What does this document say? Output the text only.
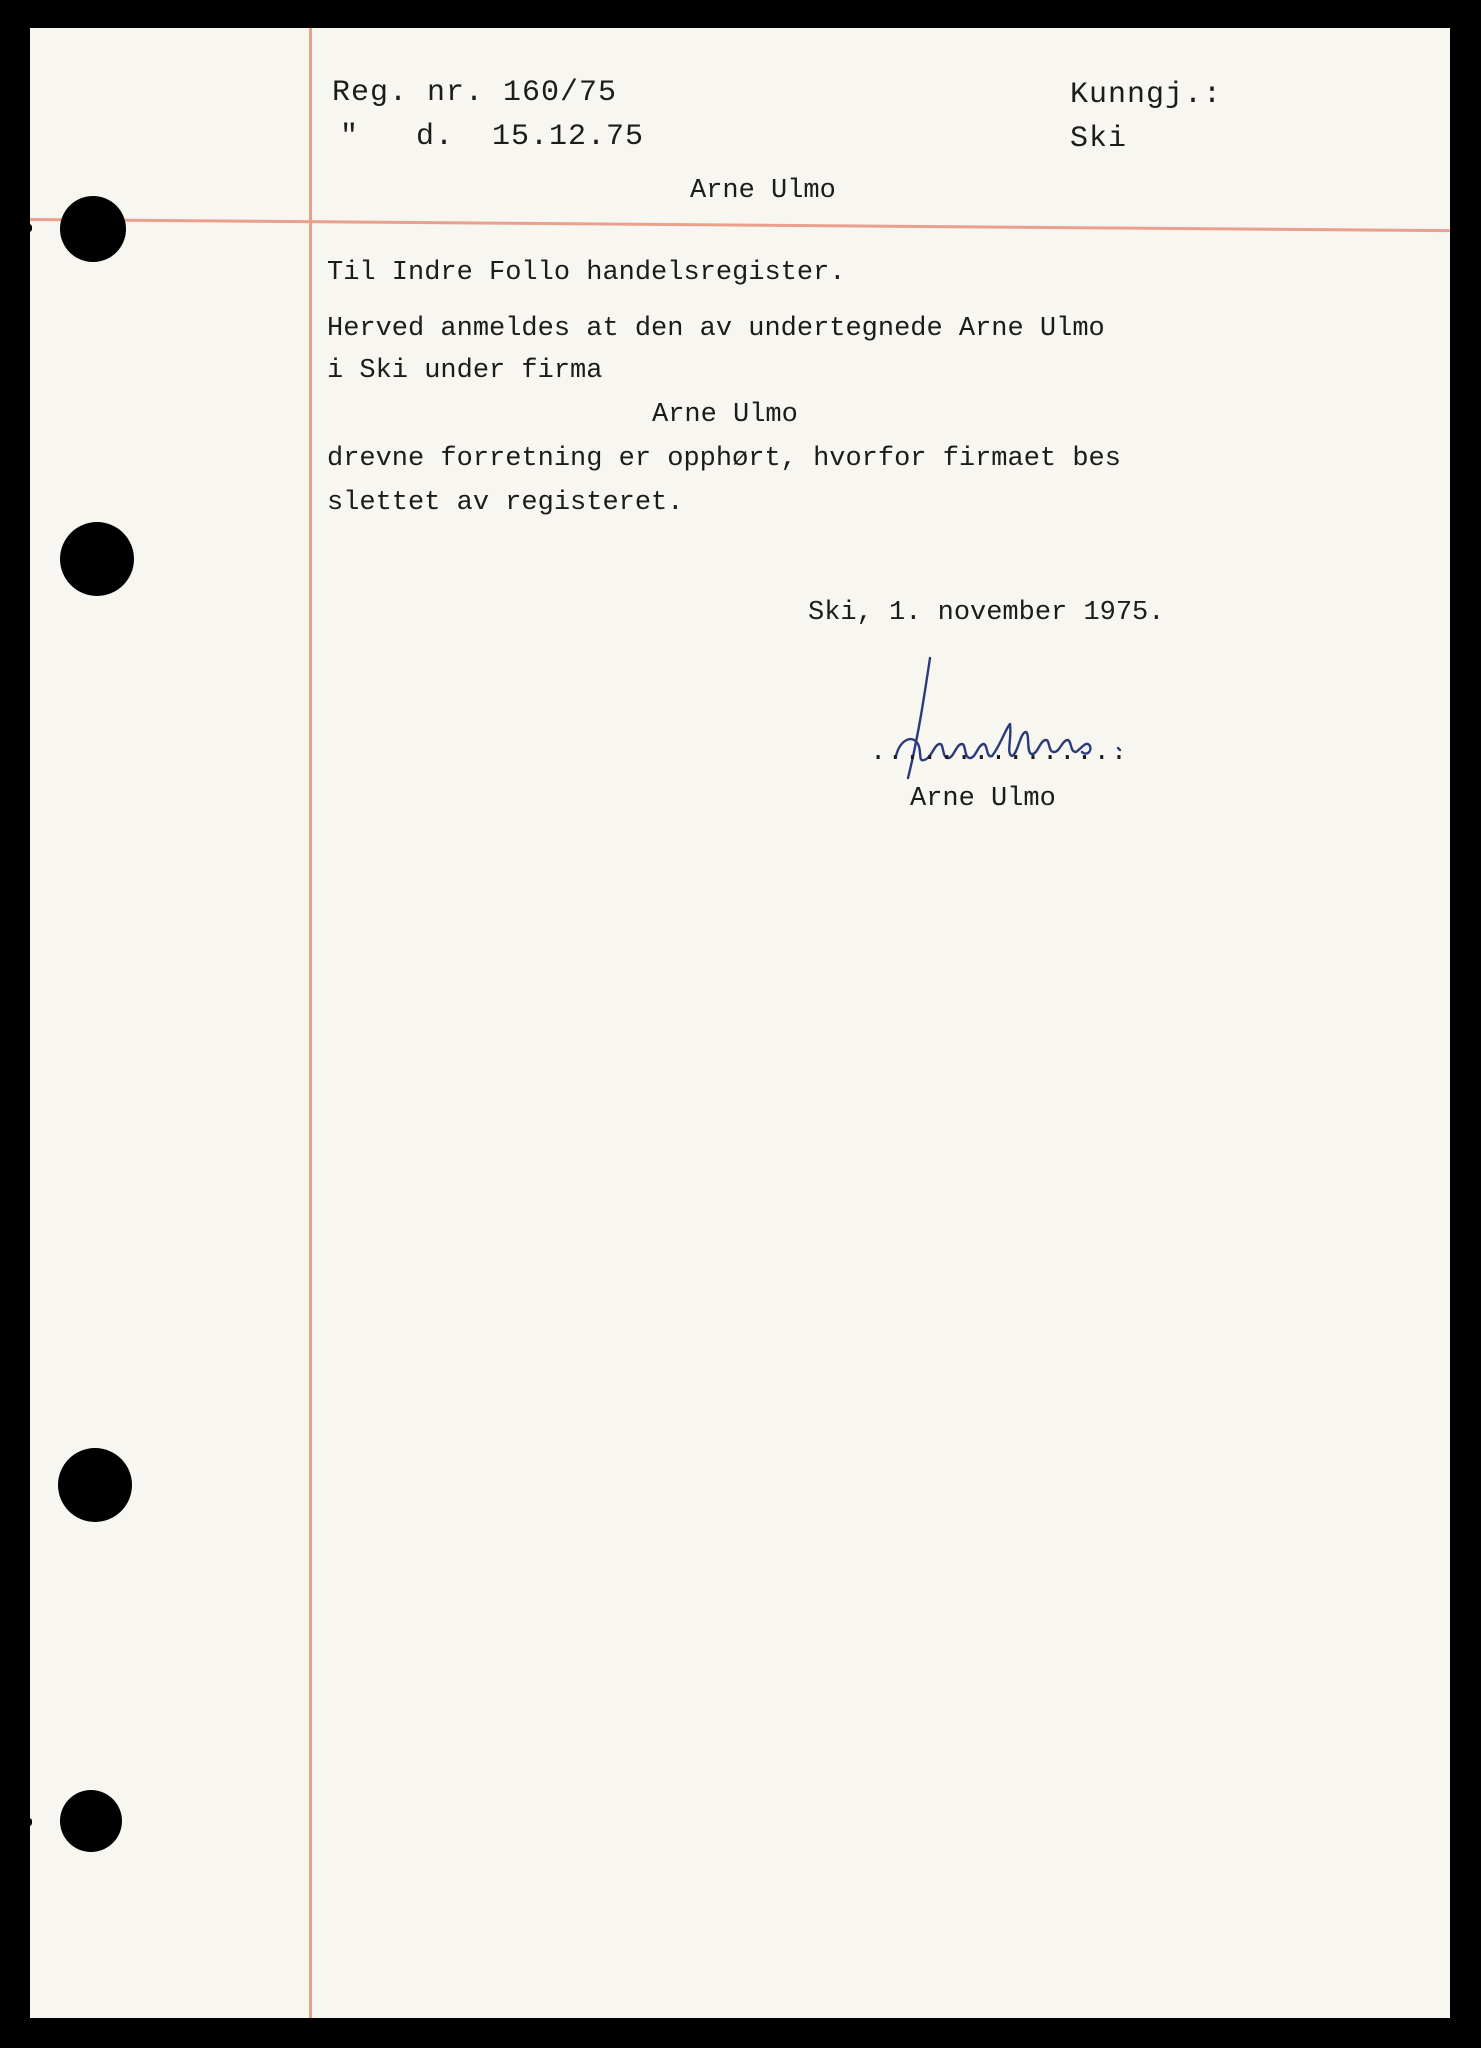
Reg. nr. 160/75
"   d.  15.12.75
Kunngj.:
Ski
Arne Ulmo
Til Indre Follo handelsregister.
Herved anmeldes at den av undertegnede Arne Ulmo
i Ski under firma
Arne Ulmo
drevne forretning er opphørt, hvorfor firmaet bes
slettet av registeret.
Ski, 1. november 1975.
...............
Arne Ulmo
